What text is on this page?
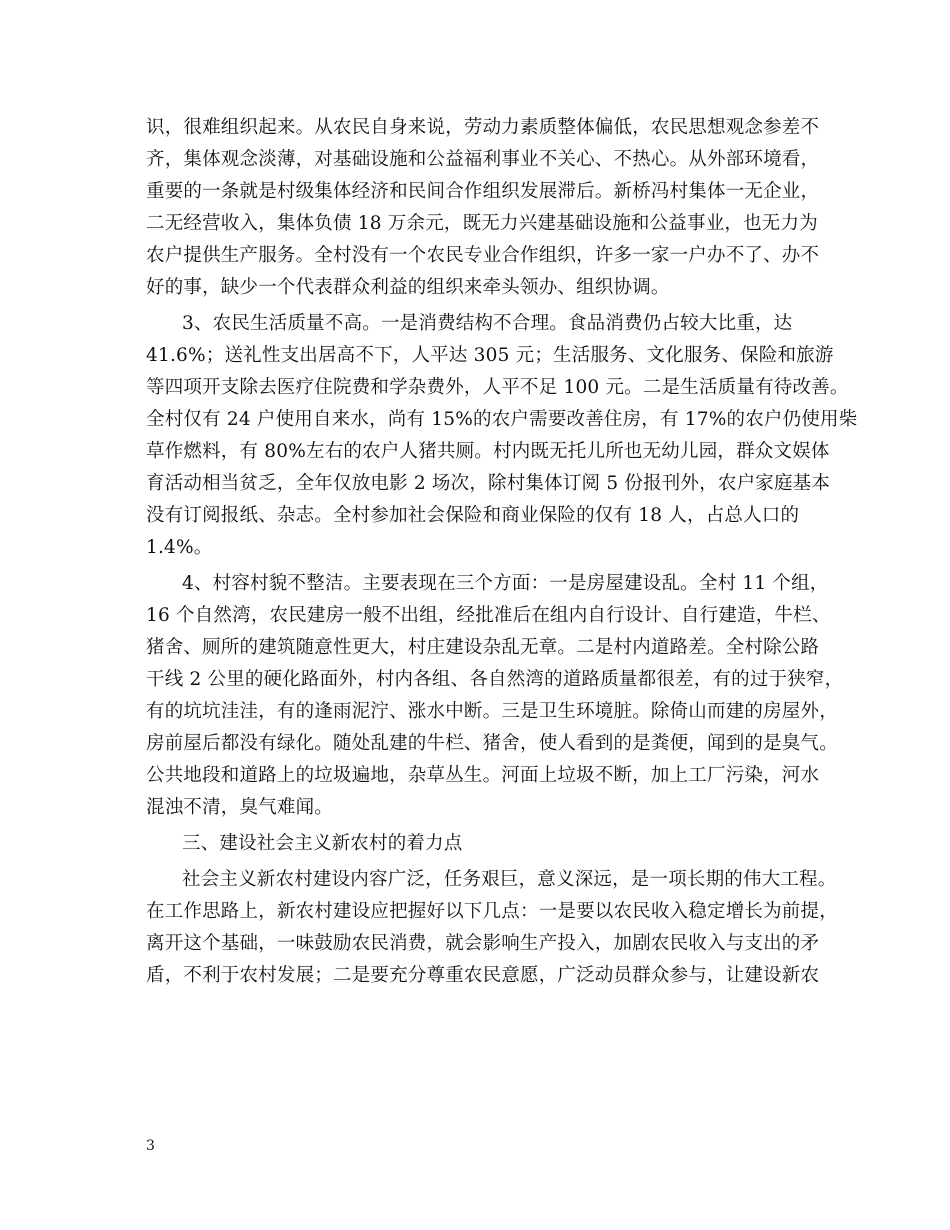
识，很难组织起来。从农民自身来说，劳动力素质整体偏低，农民思想观念参差不
齐，集体观念淡薄，对基础设施和公益福利事业不关心、不热心。从外部环境看，
重要的一条就是村级集体经济和民间合作组织发展滞后。新桥冯村集体一无企业，
二无经营收入，集体负债 18 万余元，既无力兴建基础设施和公益事业，也无力为
农户提供生产服务。全村没有一个农民专业合作组织，许多一家一户办不了、办不
好的事，缺少一个代表群众利益的组织来牵头领办、组织协调。
3、农民生活质量不高。一是消费结构不合理。食品消费仍占较大比重，达
41.6%；送礼性支出居高不下，人平达 305 元；生活服务、文化服务、保险和旅游
等四项开支除去医疗住院费和学杂费外，人平不足 100 元。二是生活质量有待改善。
全村仅有 24 户使用自来水，尚有 15%的农户需要改善住房，有 17%的农户仍使用柴
草作燃料，有 80%左右的农户人猪共厕。村内既无托儿所也无幼儿园，群众文娱体
育活动相当贫乏，全年仅放电影 2 场次，除村集体订阅 5 份报刊外，农户家庭基本
没有订阅报纸、杂志。全村参加社会保险和商业保险的仅有 18 人，占总人口的
1.4%。
4、村容村貌不整洁。主要表现在三个方面：一是房屋建设乱。全村 11 个组，
16 个自然湾，农民建房一般不出组，经批准后在组内自行设计、自行建造，牛栏、
猪舍、厕所的建筑随意性更大，村庄建设杂乱无章。二是村内道路差。全村除公路
干线 2 公里的硬化路面外，村内各组、各自然湾的道路质量都很差，有的过于狭窄，
有的坑坑洼洼，有的逢雨泥泞、涨水中断。三是卫生环境脏。除倚山而建的房屋外，
房前屋后都没有绿化。随处乱建的牛栏、猪舍，使人看到的是粪便，闻到的是臭气。
公共地段和道路上的垃圾遍地，杂草丛生。河面上垃圾不断，加上工厂污染，河水
混浊不清，臭气难闻。
三、建设社会主义新农村的着力点
社会主义新农村建设内容广泛，任务艰巨，意义深远，是一项长期的伟大工程。
在工作思路上，新农村建设应把握好以下几点：一是要以农民收入稳定增长为前提，
离开这个基础，一味鼓励农民消费，就会影响生产投入，加剧农民收入与支出的矛
盾，不利于农村发展；二是要充分尊重农民意愿，广泛动员群众参与，让建设新农
3
